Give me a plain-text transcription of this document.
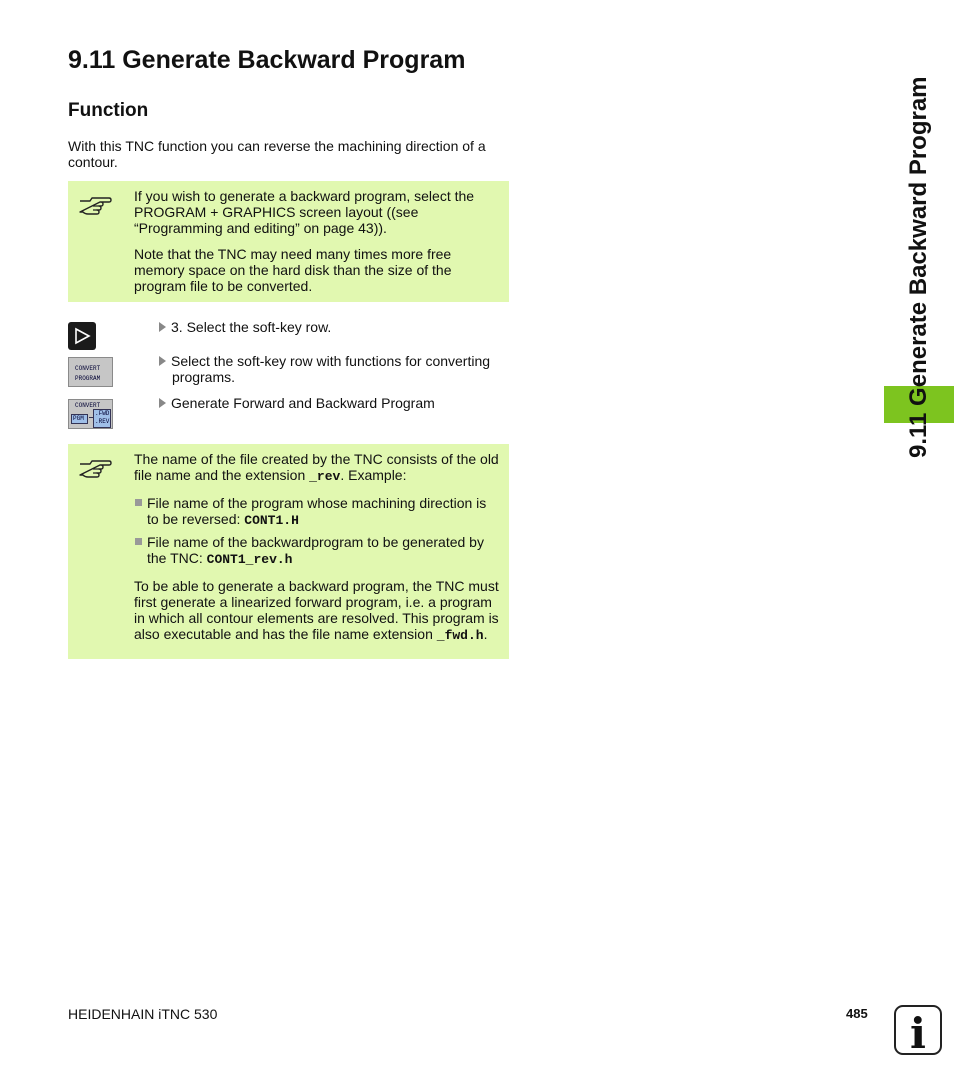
9.11 Generate Backward Program
Function
With this TNC function you can reverse the machining direction of a contour.

If you wish to generate a backward program, select the PROGRAM + GRAPHICS screen layout ((see “Programming and editing” on page 43)).

Note that the TNC may need many times more free memory space on the hard disk than the size of the program file to be converted.

3. Select the soft-key row.
CONVERT
PROGRAM
Select the soft-key row with functions for converting
programs.
CONVERT
PGM
.FWD
.REV
Generate Forward and Backward Program

The name of the file created by the TNC consists of the old file name and the extension _rev. Example:

File name of the program whose machining direction is to be reversed: CONT1.H
File name of the backwardprogram to be generated by the TNC: CONT1_rev.h

To be able to generate a backward program, the TNC must first generate a linearized forward program, i.e. a program in which all contour elements are resolved. This program is also executable and has the file name extension _fwd.h.

9.11 Generate Backward Program
HEIDENHAIN iTNC 530	485 i
